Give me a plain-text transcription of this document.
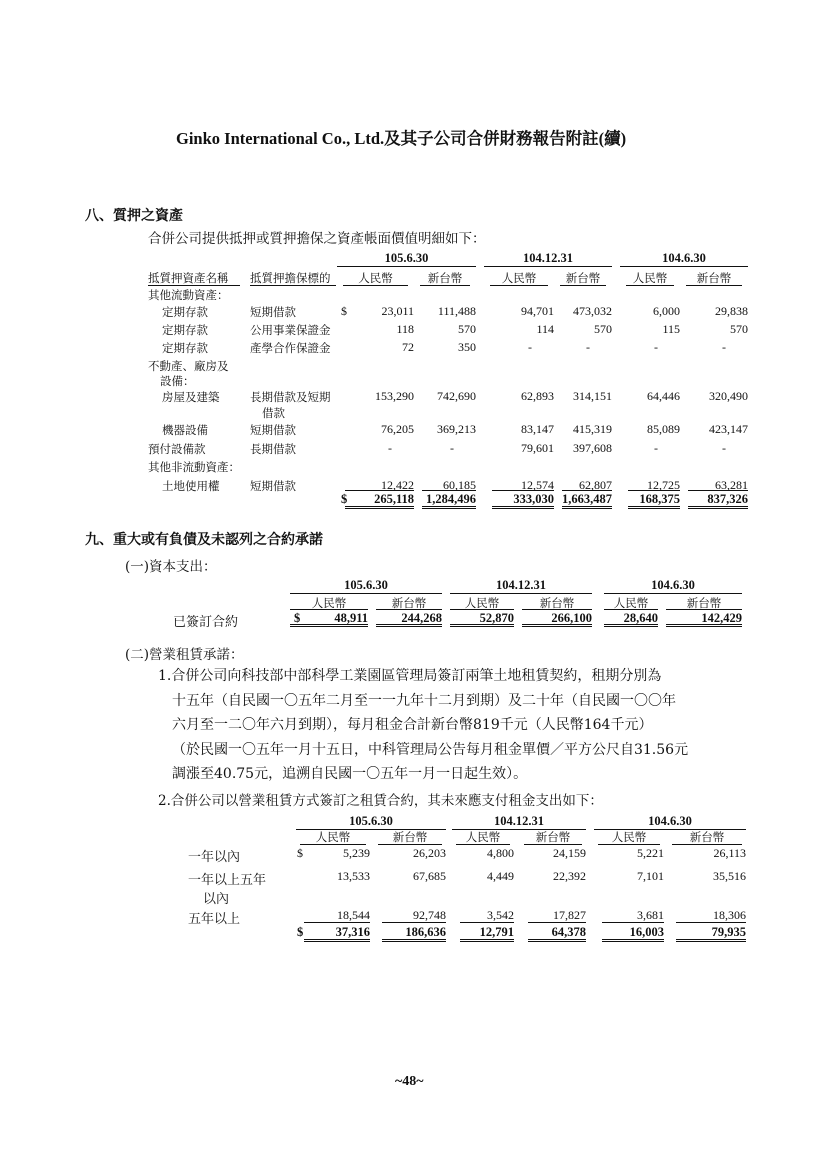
Ginko International Co., Ltd.及其子公司合併財務報告附註(續)
八、質押之資產
合併公司提供抵押或質押擔保之資產帳面價值明細如下：
105.6.30	104.12.31	104.6.30
抵質押資產名稱 抵質押擔保標的	人民幣	新台幣	人民幣	新台幣	人民幣	新台幣
其他流動資產：
定期存款	短期借款	$	23,011	111,488	94,701	473,032	6,000	29,838
定期存款	公用事業保證金	118	570	114	570	115	570
定期存款	產學合作保證金	72	350	-	-	-	-
不動產、廠房及
設備：
房屋及建築	長期借款及短期	153,290	742,690	62,893	314,151	64,446	320,490
借款
機器設備	短期借款	76,205	369,213	83,147	415,319	85,089	423,147
預付設備款	長期借款	-	-	79,601	397,608	-	-
其他非流動資產：
土地使用權	短期借款	12,422	60,185	12,574	62,807	12,725	63,281
$	265,118 1,284,496	333,030 1,663,487	168,375	837,326
九、重大或有負債及未認列之合約承諾
(一)資本支出：
105.6.30	104.12.31	104.6.30
人民幣	新台幣	人民幣	新台幣	人民幣	新台幣
已簽訂合約	$	48,911	244,268	52,870	266,100	28,640	142,429
(二)營業租賃承諾：
1.合併公司向科技部中部科學工業園區管理局簽訂兩筆土地租賃契約，租期分別為
十五年（自民國一〇五年二月至一一九年十二月到期）及二十年（自民國一〇〇年
六月至一二〇年六月到期），每月租金合計新台幣819千元（人民幣164千元）
（於民國一〇五年一月十五日，中科管理局公告每月租金單價／平方公尺自31.56元
調漲至40.75元，追溯自民國一〇五年一月一日起生效）。
2.合併公司以營業租賃方式簽訂之租賃合約，其未來應支付租金支出如下：
105.6.30	104.12.31	104.6.30
人民幣	新台幣	人民幣	新台幣	人民幣	新台幣
一年以內	$	5,239	26,203	4,800	24,159	5,221	26,113
一年以上五年	13,533	67,685	4,449	22,392	7,101	35,516
以內
五年以上	18,544	92,748	3,542	17,827	3,681	18,306
$	37,316	186,636	12,791	64,378	16,003	79,935
~48~
